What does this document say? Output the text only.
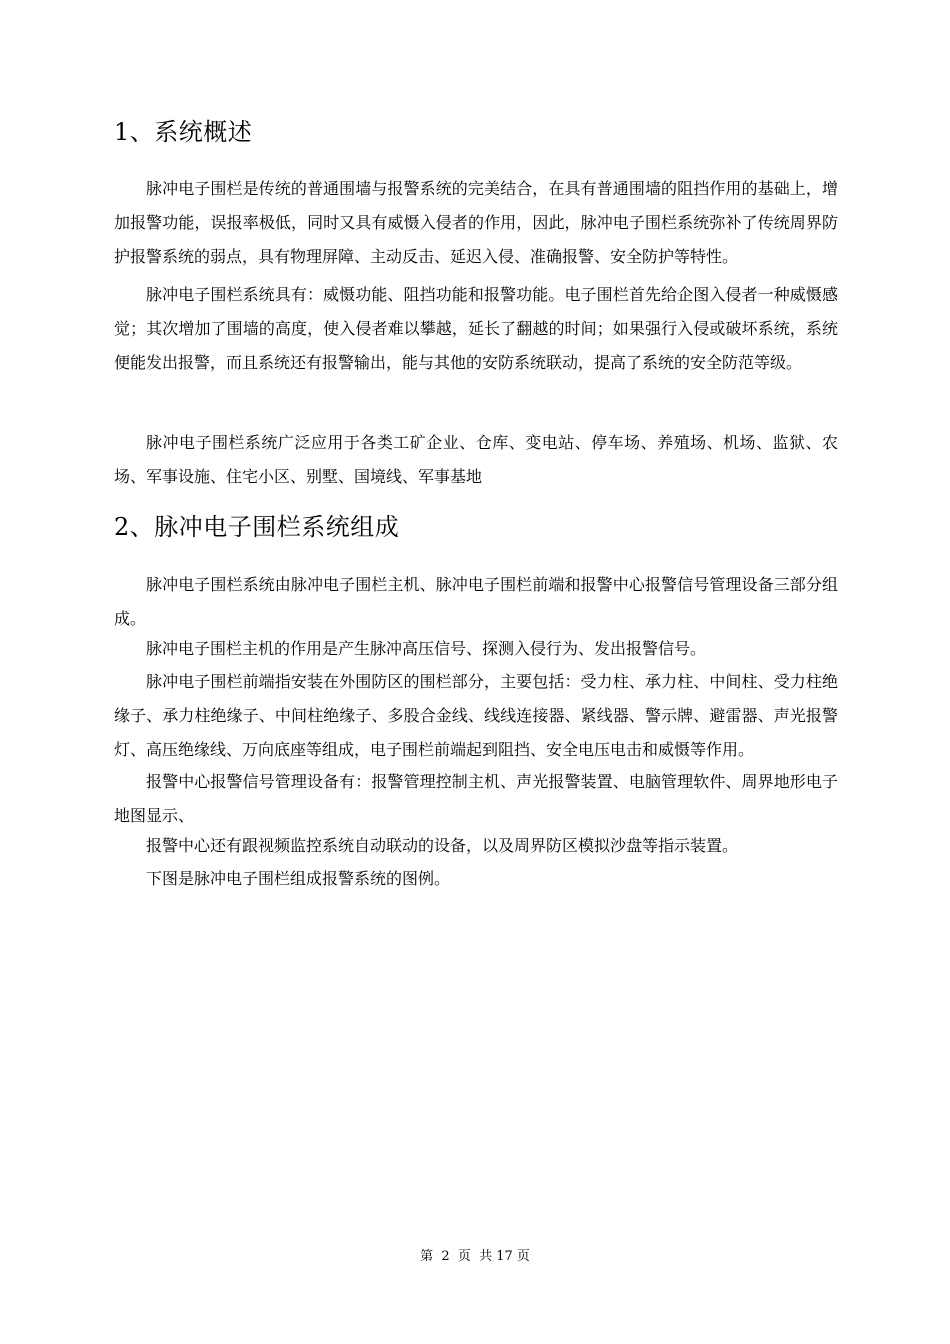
1、系统概述

脉冲电子围栏是传统的普通围墙与报警系统的完美结合，在具有普通围墙的阻挡作用的基础上，增加报警功能，误报率极低，同时又具有威慑入侵者的作用，因此，脉冲电子围栏系统弥补了传统周界防护报警系统的弱点，具有物理屏障、主动反击、延迟入侵、准确报警、安全防护等特性。

脉冲电子围栏系统具有：威慑功能、阻挡功能和报警功能。电子围栏首先给企图入侵者一种威慑感觉；其次增加了围墙的高度，使入侵者难以攀越，延长了翻越的时间；如果强行入侵或破坏系统，系统便能发出报警，而且系统还有报警输出，能与其他的安防系统联动，提高了系统的安全防范等级。

脉冲电子围栏系统广泛应用于各类工矿企业、仓库、变电站、停车场、养殖场、机场、监狱、农场、军事设施、住宅小区、别墅、国境线、军事基地

2、脉冲电子围栏系统组成

脉冲电子围栏系统由脉冲电子围栏主机、脉冲电子围栏前端和报警中心报警信号管理设备三部分组成。

脉冲电子围栏主机的作用是产生脉冲高压信号、探测入侵行为、发出报警信号。

脉冲电子围栏前端指安装在外围防区的围栏部分，主要包括：受力柱、承力柱、中间柱、受力柱绝缘子、承力柱绝缘子、中间柱绝缘子、多股合金线、线线连接器、紧线器、警示牌、避雷器、声光报警灯、高压绝缘线、万向底座等组成，电子围栏前端起到阻挡、安全电压电击和威慑等作用。

报警中心报警信号管理设备有：报警管理控制主机、声光报警装置、电脑管理软件、周界地形电子地图显示、

报警中心还有跟视频监控系统自动联动的设备，以及周界防区模拟沙盘等指示装置。

下图是脉冲电子围栏组成报警系统的图例。

第  2  页  共 17 页
